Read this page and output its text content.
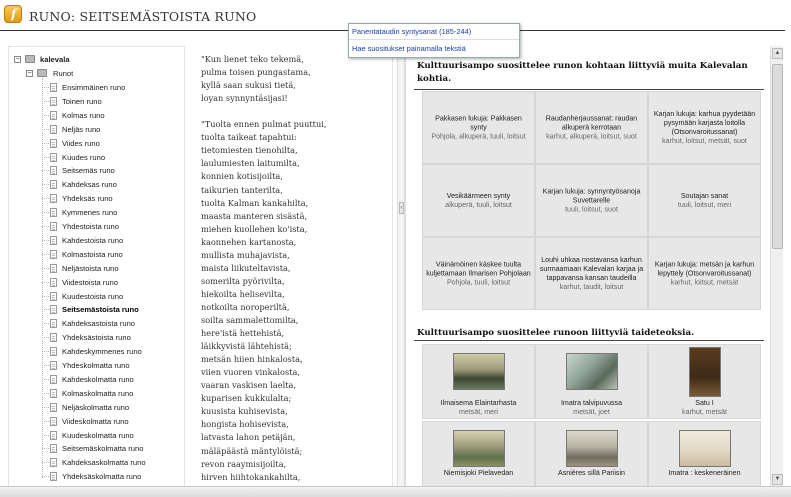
f RUNO: SEITSEMÄSTOISTA RUNO
Panentataudin syntysanat (185-244)
Hae suositukset painamalla tekstiä
−	kalevala
−	Runot
Ensimmäinen runo
Toinen runo
Kolmas runo
Neljäs runo
Viides runo
Kuudes runo
Seitsemäs runo
Kahdeksas runo
Yhdeksäs runo
Kymmenes runo
Yhdestoista runo
Kahdestoista runo
Kolmastoista runo
Neljästoista runo
Viidestoista runo
Kuudestoista runo
Seitsemästoista runo
Kahdeksastoista runo
Yhdeksästoista runo
Kahdeskymmenes runo
Yhdeskolmatta runo
Kahdeskolmatta runo
Kolmaskolmatta runo
Neljäskolmatta runo
Viideskolmatta runo
Kuudeskolmatta runo
Seitsemäskolmatta runo
Kahdeksaskolmatta runo
Yhdeksäskolmatta runo
"Kun lienet teko tekemä,
pulma toisen pungastama,
kyllä saan sukusi tietä,
loyan synnyntäsijasi!
"Tuolta ennen pulmat puuttui,
tuolta taikeat tapahtui:
tietomiesten tienohilta,
laulumiesten laitumilta,
konnien kotisijoilta,
taikurien tanterilta,
tuolta Kalman kankahilta,
maasta manteren sisästä,
miehen kuollehen ko'ista,
kaonnehen kartanosta,
mullista muhajavista,
maista liikuteltavista,
somerilta pyörivilta,
hiekoilta helisevilta,
notkoilta noroperiltä,
soilta sammalettomilta,
here'istä hettehistä,
läikkyvistä lähtehistä;
metsän hiien hinkalosta,
viien vuoren vinkalosta,
vaaran vaskisen laelta,
kuparisen kukkulalta;
kuusista kuhisevista,
hongista hohisevista,
latvasta lahon petäjän,
mäläpäästä mäntylöistä;
revon raaymisijoilta,
hirven hiihtokankahilta,
‹
Kulttuurisampo suosittelee runon kohtaan liittyviä muita Kalevalan kohtia.
Pakkasen lukuja: Pakkasen synty
Pohjola, alkuperä, tuuli, loitsut
Raudanherjaussanat: raudan alkuperä kerrotaan
karhut, alkuperä, loitsut, suot
Karjan lukuja: karhua pyydetään pysymään karjasta loitolla (Otsonvaroitussanat)
karhut, loitsut, metsät, suot
Vesikäärmeen synty
alkuperä, tuuli, loitsut
Karjan lukuja: synnyntyösanoja Suvettarelle
tuuli, loitsut, suot
Soutajan sanat
tuuli, loitsut, meri
Väinämöinen käskee tuulta kuljettamaan Ilmarisen Pohjolaan
Pohjola, tuuli, loitsut
Louhi uhkaa nostavansa karhun surmaamaan Kalevalan karjaa ja tappavansa kansan taudeilla
karhut, taudit, loitsut
Karjan lukuja: metsän ja karhun lepyttely (Otsonvaroitussanat)
karhut, loitsut, metsät
Kulttuurisampo suosittelee runoon liittyviä taideteoksia.
Ilmaisema Elaintarhasta
metsät, meri
Imatra talvipuvussa
metsät, joet
Satu I
karhut, metsät
Niemisjoki Pielavedan	Asnières sillä Pariisin	Imatra : keskeneräinen
▲
▼
